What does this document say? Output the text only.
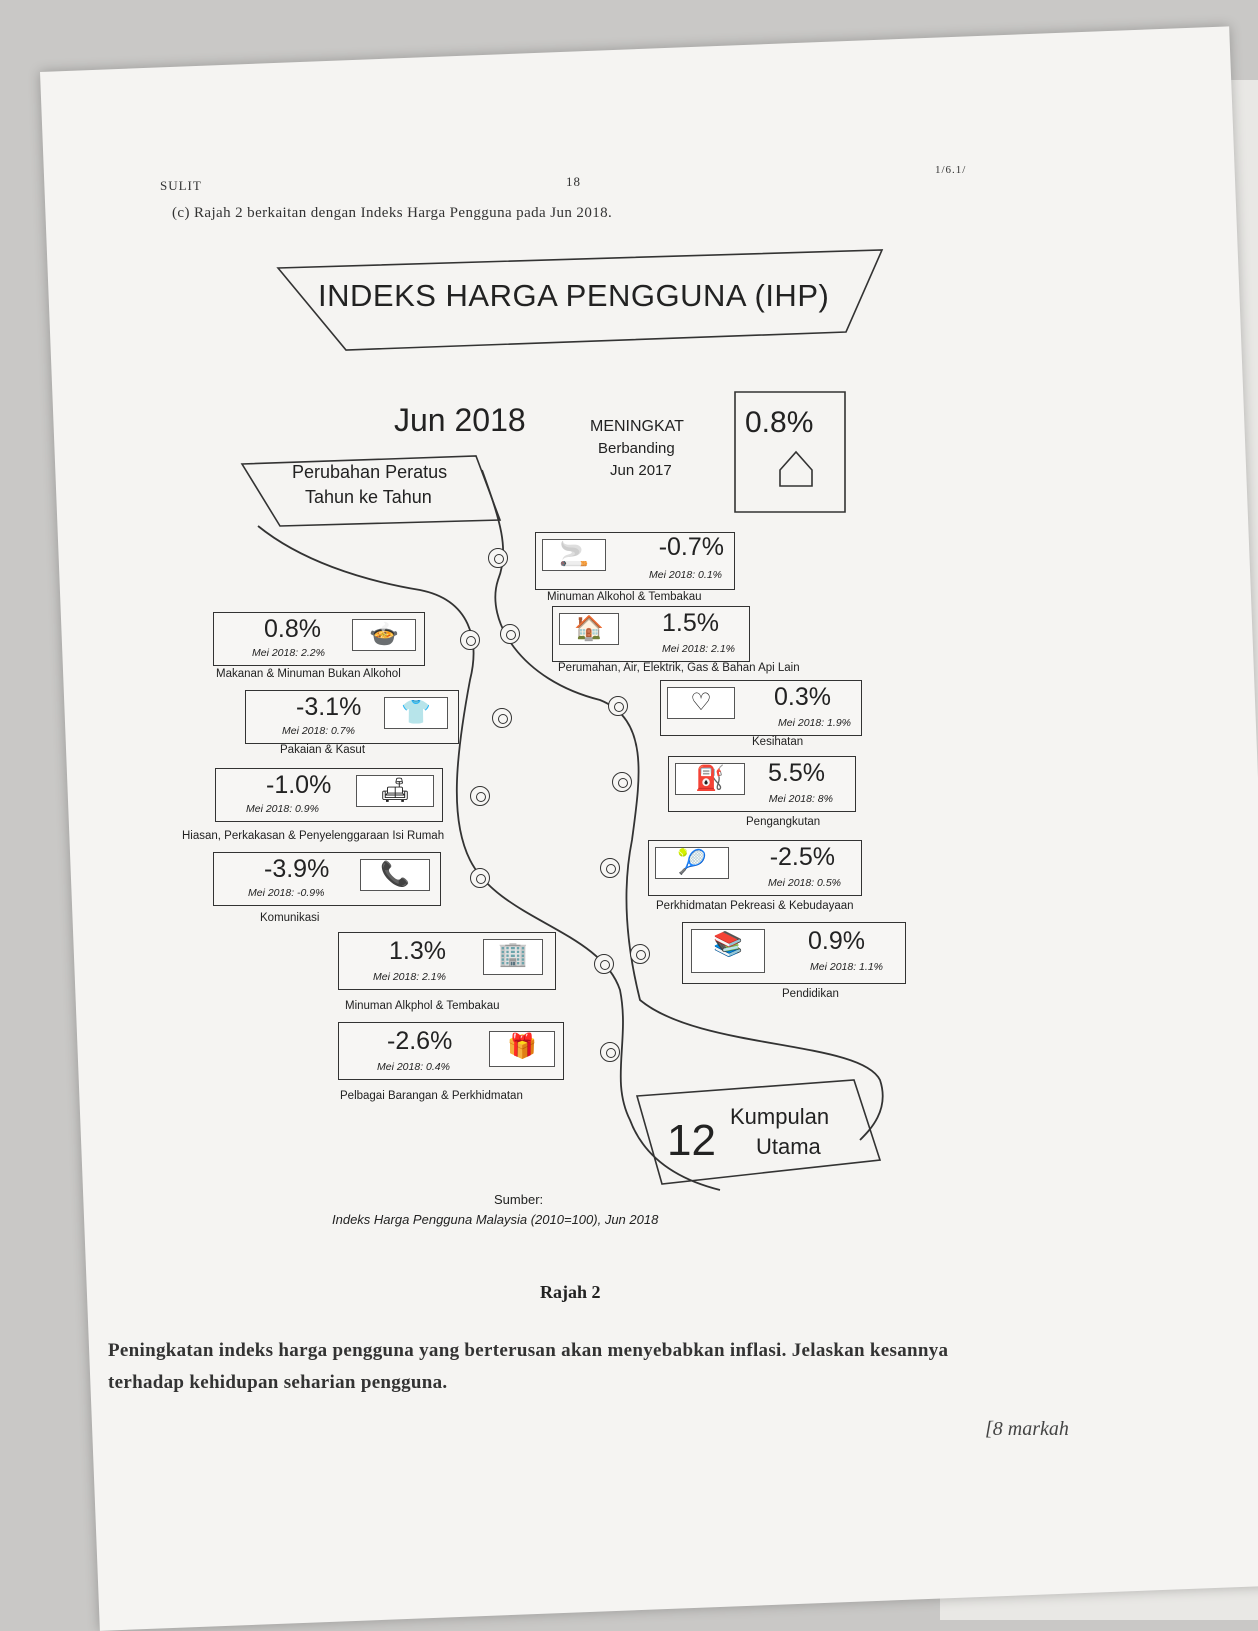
SULIT	18
1/6.1/
(c) Rajah 2 berkaitan dengan Indeks Harga Pengguna pada Jun 2018.
INDEKS HARGA PENGGUNA (IHP)
Jun 2018	MENINGKAT
Berbanding
Jun 2017
0.8%
Perubahan Peratus
Tahun ke Tahun
🚬	-0.7%
Mei 2018: 0.1%
Minuman Alkohol & Tembakau
0.8%
Mei 2018: 2.2%
🍲
Makanan & Minuman Bukan Alkohol
🏠	1.5%
Mei 2018: 2.1%
Perumahan, Air, Elektrik, Gas & Bahan Api Lain
-3.1%
Mei 2018: 0.7%
👕
Pakaian & Kasut
♡	0.3%
Mei 2018: 1.9%
Kesihatan
-1.0%
Mei 2018: 0.9%
🛋
Hiasan, Perkakasan & Penyelenggaraan Isi Rumah
⛽	5.5%
Mei 2018: 8%
Pengangkutan
-3.9%
Mei 2018: -0.9%
📞
Komunikasi
🎾	-2.5%
Mei 2018: 0.5%
Perkhidmatan Pekreasi & Kebudayaan
1.3%
Mei 2018: 2.1%
🏢
Minuman Alkphol & Tembakau
📚	0.9%
Mei 2018: 1.1%
Pendidikan
-2.6%
Mei 2018: 0.4%
🎁
Pelbagai Barangan & Perkhidmatan
12 Kumpulan
Utama
Sumber:
Indeks Harga Pengguna Malaysia (2010=100), Jun 2018
Rajah 2
Peningkatan indeks harga pengguna yang berterusan akan menyebabkan inflasi. Jelaskan kesannya
terhadap kehidupan seharian pengguna.
[8 markah
